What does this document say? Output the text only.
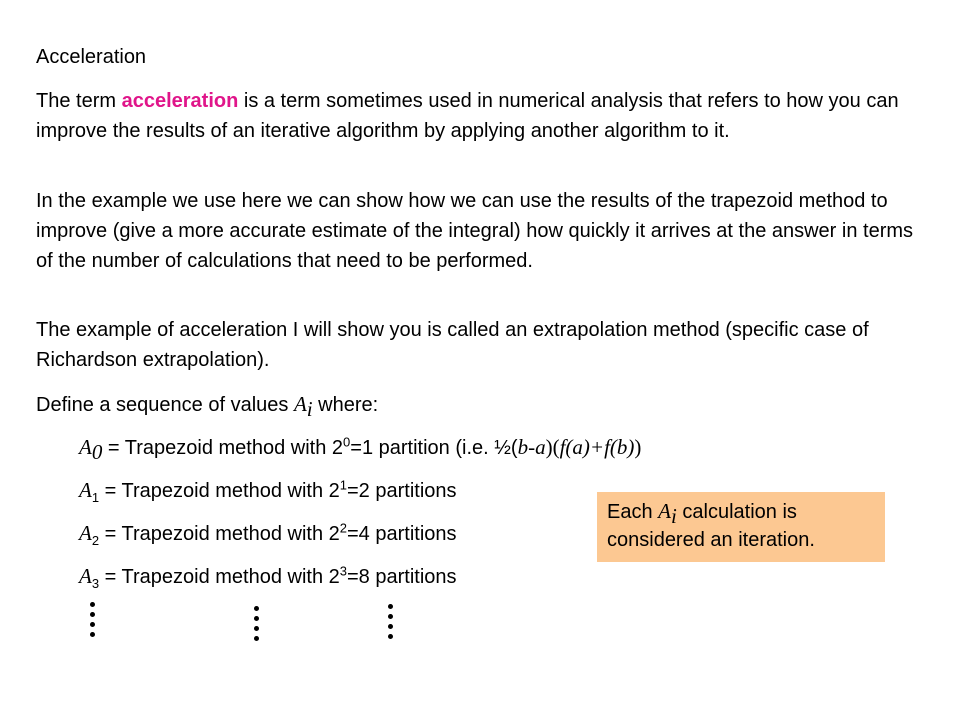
Acceleration

The term acceleration is a term sometimes used in numerical analysis that refers to how you can improve the results of an iterative algorithm by applying another algorithm to it.

In the example we use here we can show how we can use the results of the trapezoid method to improve (give a more accurate estimate of the integral) how quickly it arrives at the answer in terms of the number of calculations that need to be performed.

The example of acceleration I will show you is called an extrapolation method (specific case of Richardson extrapolation).

Define a sequence of values $A_i$ where:

$A_0$ = Trapezoid method with $2^0=1$ partition (i.e. ½(b-a)(f(a)+f(b))

$A_1$ = Trapezoid method with $2^1=2$ partitions

$A_2$ = Trapezoid method with $2^2=4$ partitions

$A_3$ = Trapezoid method with $2^3=8$ partitions

Each $A_i$ calculation is considered an iteration.
